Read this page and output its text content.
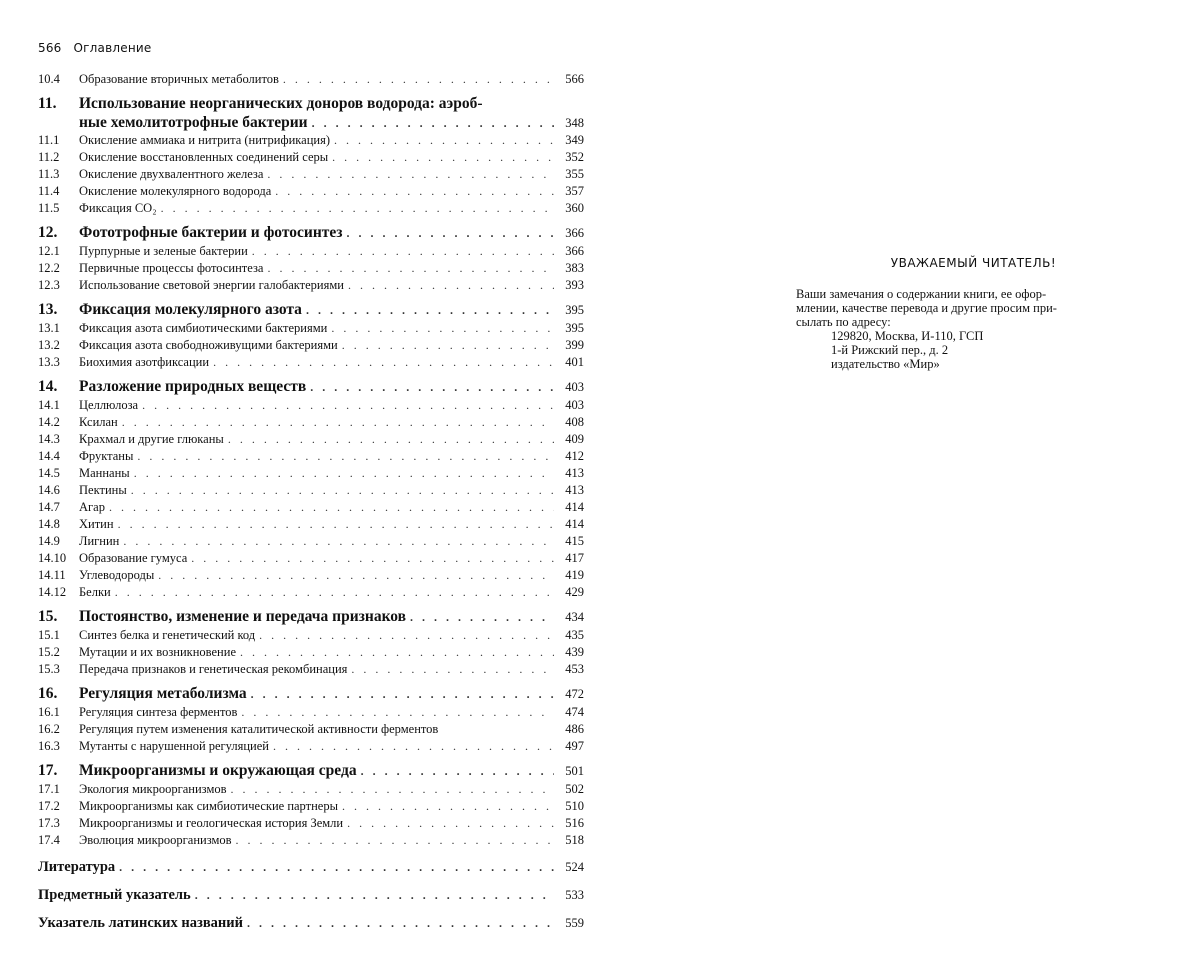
566 Оглавление
10.4	Образование вторичных метаболитов . . .	566
11.	Использование неорганических доноров водорода: аэроб-
ные хемолитотрофные бактерии . . .	348
11.1	Окисление аммиака и нитрита (нитрификация) . . .	349
11.2	Окисление восстановленных соединений серы . . .	352
11.3	Окисление двухвалентного железа . . .	355
11.4	Окисление молекулярного водорода . . .	357
11.5	Фиксация CO₂ . . .	360
12.	Фототрофные бактерии и фотосинтез . . .	366
12.1	Пурпурные и зеленые бактерии . . .	366
12.2	Первичные процессы фотосинтеза . . .	383
12.3	Использование световой энергии галобактериями . . .	393
13.	Фиксация молекулярного азота . . .	395
13.1	Фиксация азота симбиотическими бактериями . . .	395
13.2	Фиксация азота свободноживущими бактериями . . .	399
13.3	Биохимия азотфиксации . . .	401
14.	Разложение природных веществ . . .	403
14.1	Целлюлоза . . .	403
14.2	Ксилан . . .	408
14.3	Крахмал и другие глюканы . . .	409
14.4	Фруктаны . . .	412
14.5	Маннаны . . .	413
14.6	Пектины . . .	413
14.7	Агар . . .	414
14.8	Хитин . . .	414
14.9	Лигнин . . .	415
14.10	Образование гумуса . . .	417
14.11	Углеводороды . . .	419
14.12	Белки . . .	429
15.	Постоянство, изменение и передача признаков . . .	434
15.1	Синтез белка и генетический код . . .	435
15.2	Мутации и их возникновение . . .	439
15.3	Передача признаков и генетическая рекомбинация . . .	453
16.	Регуляция метаболизма . . .	472
16.1	Регуляция синтеза ферментов . . .	474
16.2	Регуляция путем изменения каталитической активности ферментов	486
16.3	Мутанты с нарушенной регуляцией . . .	497
17.	Микроорганизмы и окружающая среда . . .	501
17.1	Экология микроорганизмов . . .	502
17.2	Микроорганизмы как симбиотические партнеры . . .	510
17.3	Микроорганизмы и геологическая история Земли . . .	516
17.4	Эволюция микроорганизмов . . .	518
Литература . . .	524
Предметный указатель . . .	533
Указатель латинских названий . . .	559
УВАЖАЕМЫЙ ЧИТАТЕЛЬ!
Ваши замечания о содержании книги, ее офор-
млении, качестве перевода и другие просим при-
сылать по адресу:
129820, Москва, И-110, ГСП
1-й Рижский пер., д. 2
издательство «Мир»
